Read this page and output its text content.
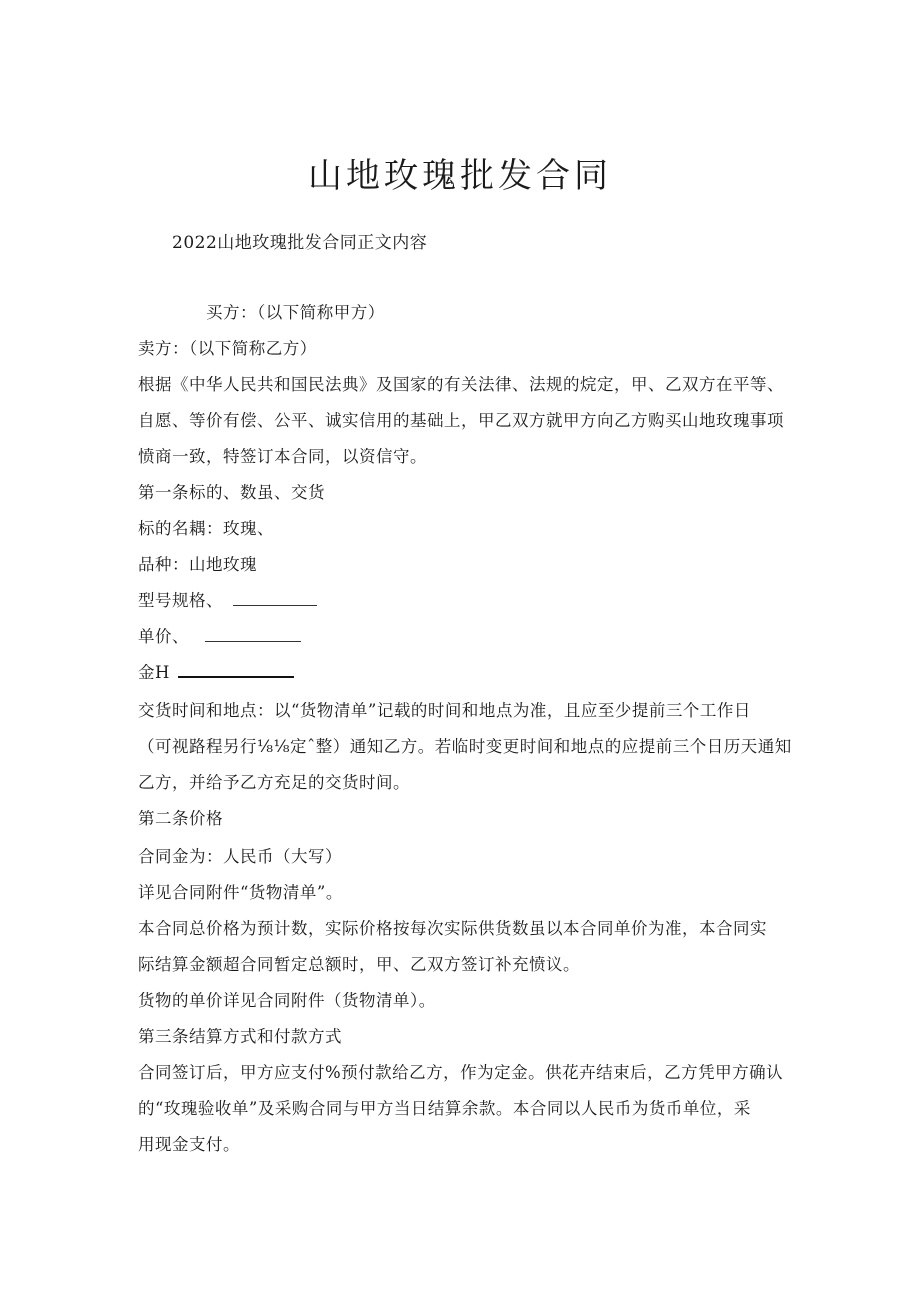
山地玫瑰批发合同
2022山地玫瑰批发合同正文内容
买方：（以下简称甲方）
卖方：（以下简称乙方）
根据《中华人民共和国民法典》及国家的有关法律、法规的烷定，甲、乙双方在平等、
自愿、等价有偿、公平、诚实信用的基础上，甲乙双方就甲方向乙方购买山地玫瑰事项
愤商一致，特签订本合同，以资信守。
第一条标的、数虽、交货
标的名耦：玫瑰、
品种：山地玫瑰
型号规格、
单价、
金H
交货时间和地点：以“货物清单”记载的时间和地点为准，且应至少提前三个工作日
（可视路程另行⅛⅛定ˆ整）通知乙方。若临时变更时间和地点的应提前三个日历天通知
乙方，并给予乙方充足的交货时间。
第二条价格
合同金为：人民币（大写）
详见合同附件“货物清单”。
本合同总价格为预计数，实际价格按每次实际供货数虽以本合同单价为准，本合同实
际结算金额超合同暂定总额时，甲、乙双方签订补充愤议。
货物的单价详见合同附件（货物清单）。
第三条结算方式和付款方式
合同签订后，甲方应支付%预付款给乙方，作为定金。供花卉结束后，乙方凭甲方确认
的“玫瑰验收单”及采购合同与甲方当日结算余款。本合同以人民币为货币单位，采
用现金支付。
